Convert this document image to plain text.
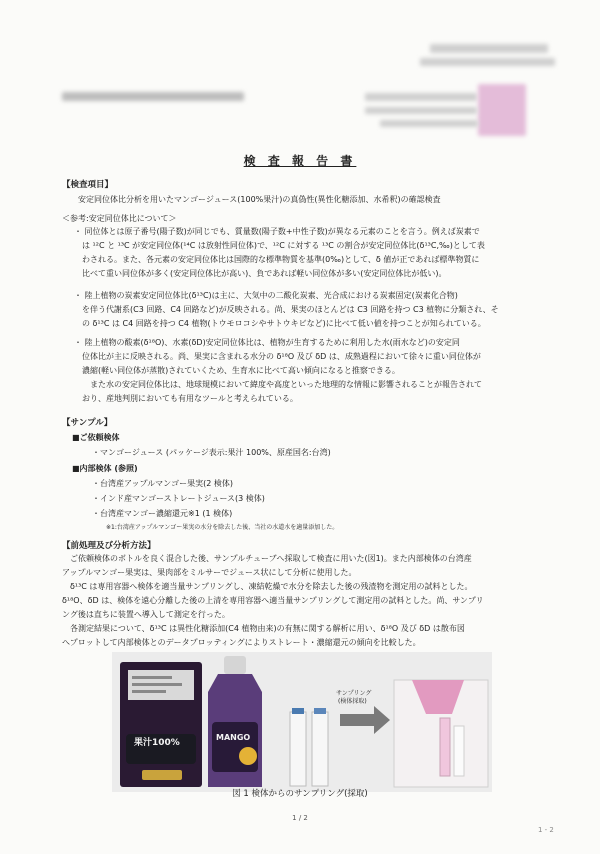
検 査 報 告 書
【検査項目】
安定同位体比分析を用いたマンゴージュース(100%果汁)の真偽性(異性化糖添加、水希釈)の確認検査
＜参考:安定同位体比について＞

・ 同位体とは原子番号(陽子数)が同じでも、質量数(陽子数+中性子数)が異なる元素のことを言う。例えば炭素で

は ¹²C と ¹³C が安定同位体(¹⁴C は放射性同位体)で、¹²C に対する ¹³C の割合が安定同位体比(δ¹³C,‰)として表

わされる。また、各元素の安定同位体比は国際的な標準物質を基準(0‰)として、δ 値が正であれば標準物質に

比べて重い同位体が多く(安定同位体比が高い)、負であれば軽い同位体が多い(安定同位体比が低い)。

・ 陸上植物の炭素安定同位体比(δ¹³C)は主に、大気中の二酸化炭素、光合成における炭素固定(炭素化合物)

を伴う代謝系(C3 回路、C4 回路など)が反映される。尚、果実のほとんどは C3 回路を持つ C3 植物に分類され、そ

の δ¹³C は C4 回路を持つ C4 植物(トウモロコシやサトウキビなど)に比べて低い値を持つことが知られている。

・ 陸上植物の酸素(δ¹⁸O)、水素(δD)安定同位体比は、植物が生育するために利用した水(雨水など)の安定同

位体比が主に反映される。尚、果実に含まれる水分の δ¹⁸O 及び δD は、成熟過程において徐々に重い同位体が

濃縮(軽い同位体が蒸散)されていくため、生育水に比べて高い傾向になると推察できる。

　また水の安定同位体比は、地球規模において緯度や高度といった地理的な情報に影響されることが報告されて

おり、産地判別においても有用なツールと考えられている。

【サンプル】
■ご依頼検体
・マンゴージュース (パッケージ表示:果汁 100%、原産国名:台湾)
■内部検体 (参照)
・台湾産アップルマンゴー果実(2 検体)
・インド産マンゴーストレートジュース(3 検体)
・台湾産マンゴー濃縮還元※1 (1 検体)
※1:台湾産アップルマンゴー果実の水分を除去した後、当社の水道水を適量添加した。
【前処理及び分析方法】

　ご依頼検体のボトルを良く混合した後、サンプルチューブへ採取して検査に用いた(図1)。また内部検体の台湾産

アップルマンゴー果実は、果肉部をミルサーでジュース状にして分析に使用した。

　δ¹³C は専用容器へ検体を適当量サンプリングし、凍結乾燥で水分を除去した後の残渣物を測定用の試料とした。

δ¹⁸O、δD は、検体を遠心分離した後の上清を専用容器へ適当量サンプリングして測定用の試料とした。尚、サンプリ

ング後は直ちに装置へ導入して測定を行った。

　各測定結果について、δ¹³C は異性化糖添加(C4 植物由来)の有無に関する解析に用い、δ¹⁸O 及び δD は散布図

へプロットして内部検体とのデータプロッティングによりストレート・濃縮還元の傾向を比較した。

果汁100%
MANGO
サンプリング
(検体採取)
図 1 検体からのサンプリング(採取)
1 / 2
1 - 2
